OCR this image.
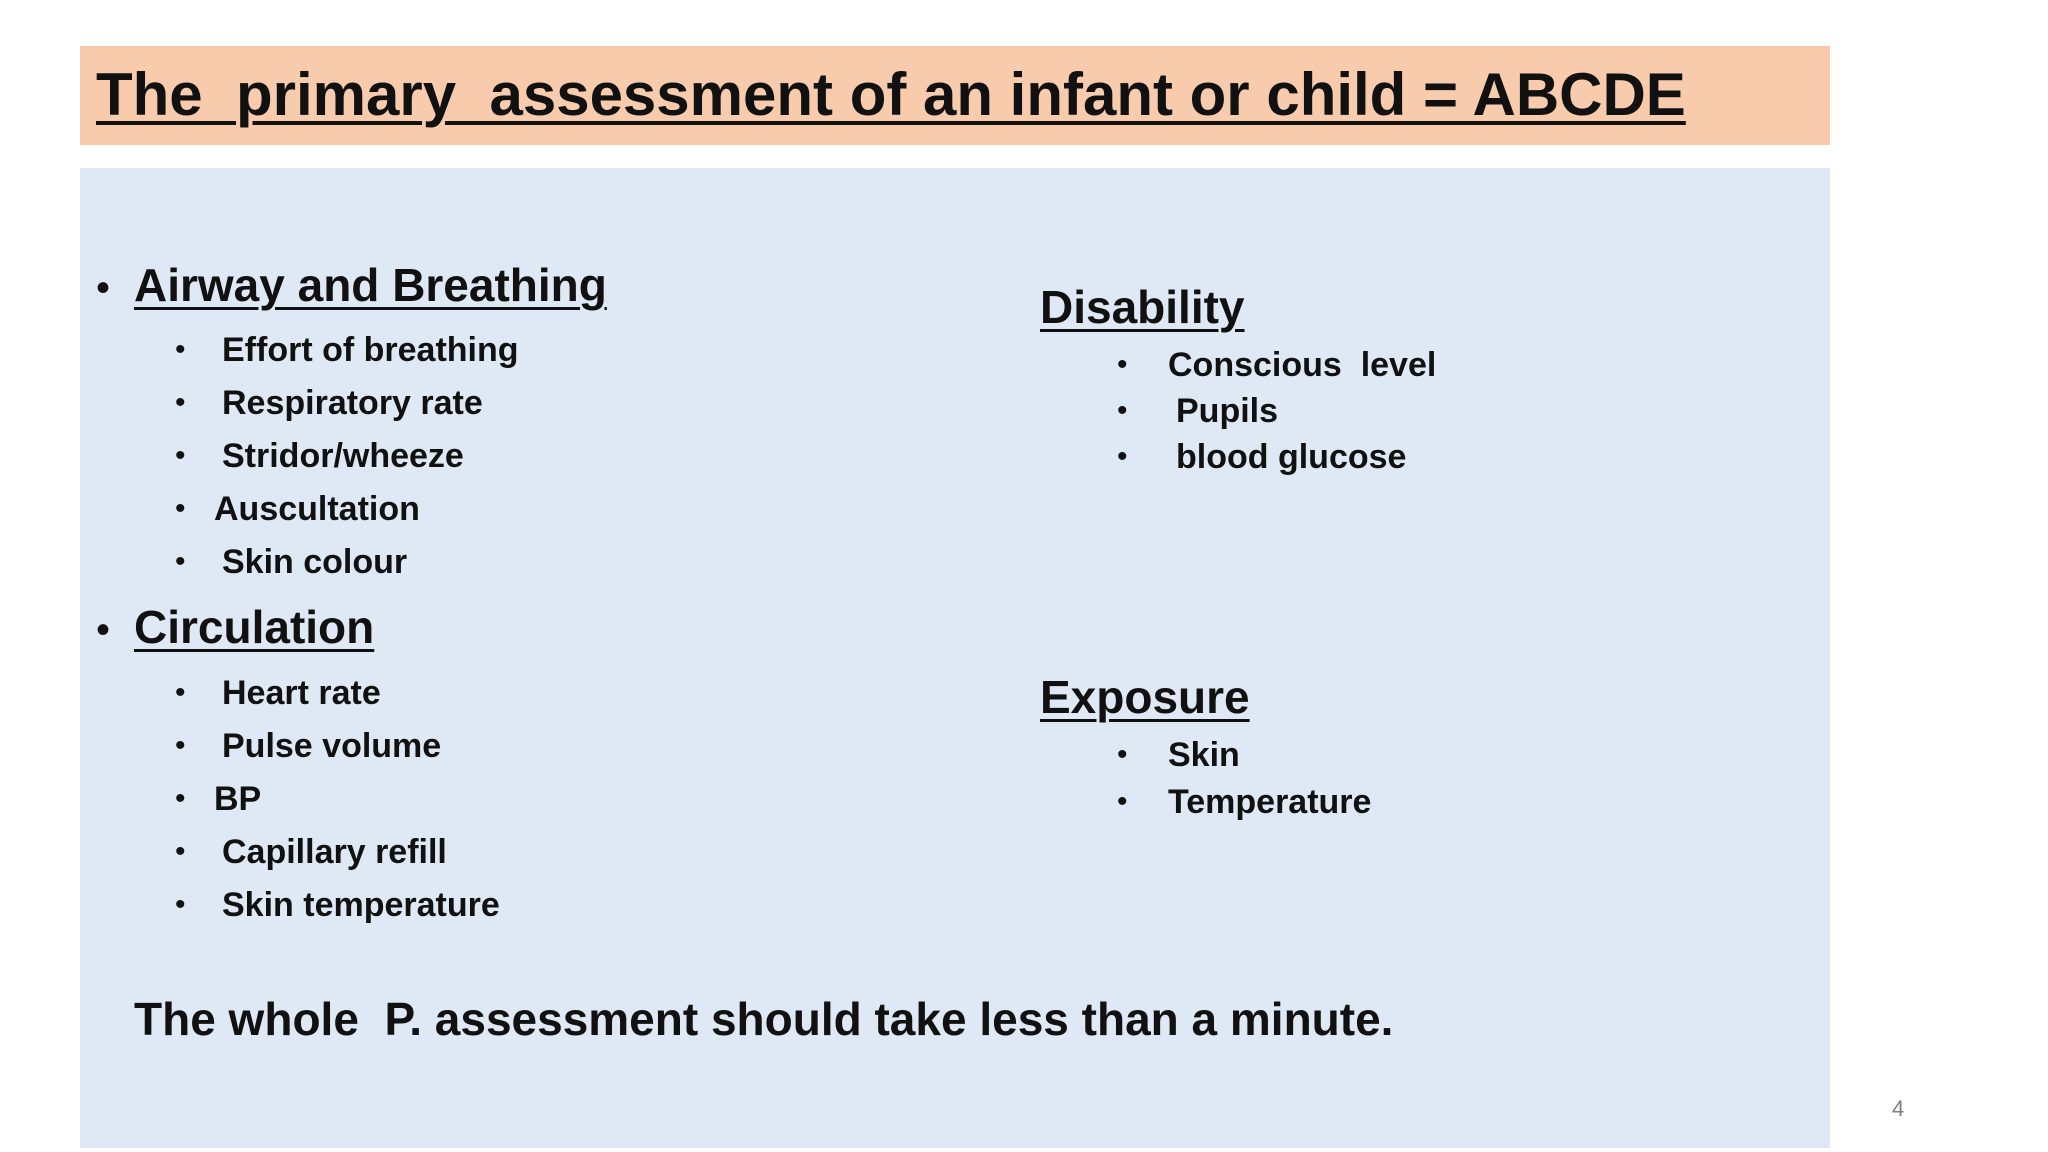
The  primary  assessment of an infant or child = ABCDE
• Airway and Breathing

•

Effort of breathing

•

Respiratory rate

•

Stridor/wheeze

•

Auscultation

•

Skin colour

• Circulation

•

Heart rate

•

Pulse volume

•

BP

•

Capillary refill

•

Skin temperature

Disability

•

Conscious  level

•

Pupils

•

blood glucose

Exposure

•

Skin

•

Temperature

The whole  P. assessment should take less than a minute.
4
